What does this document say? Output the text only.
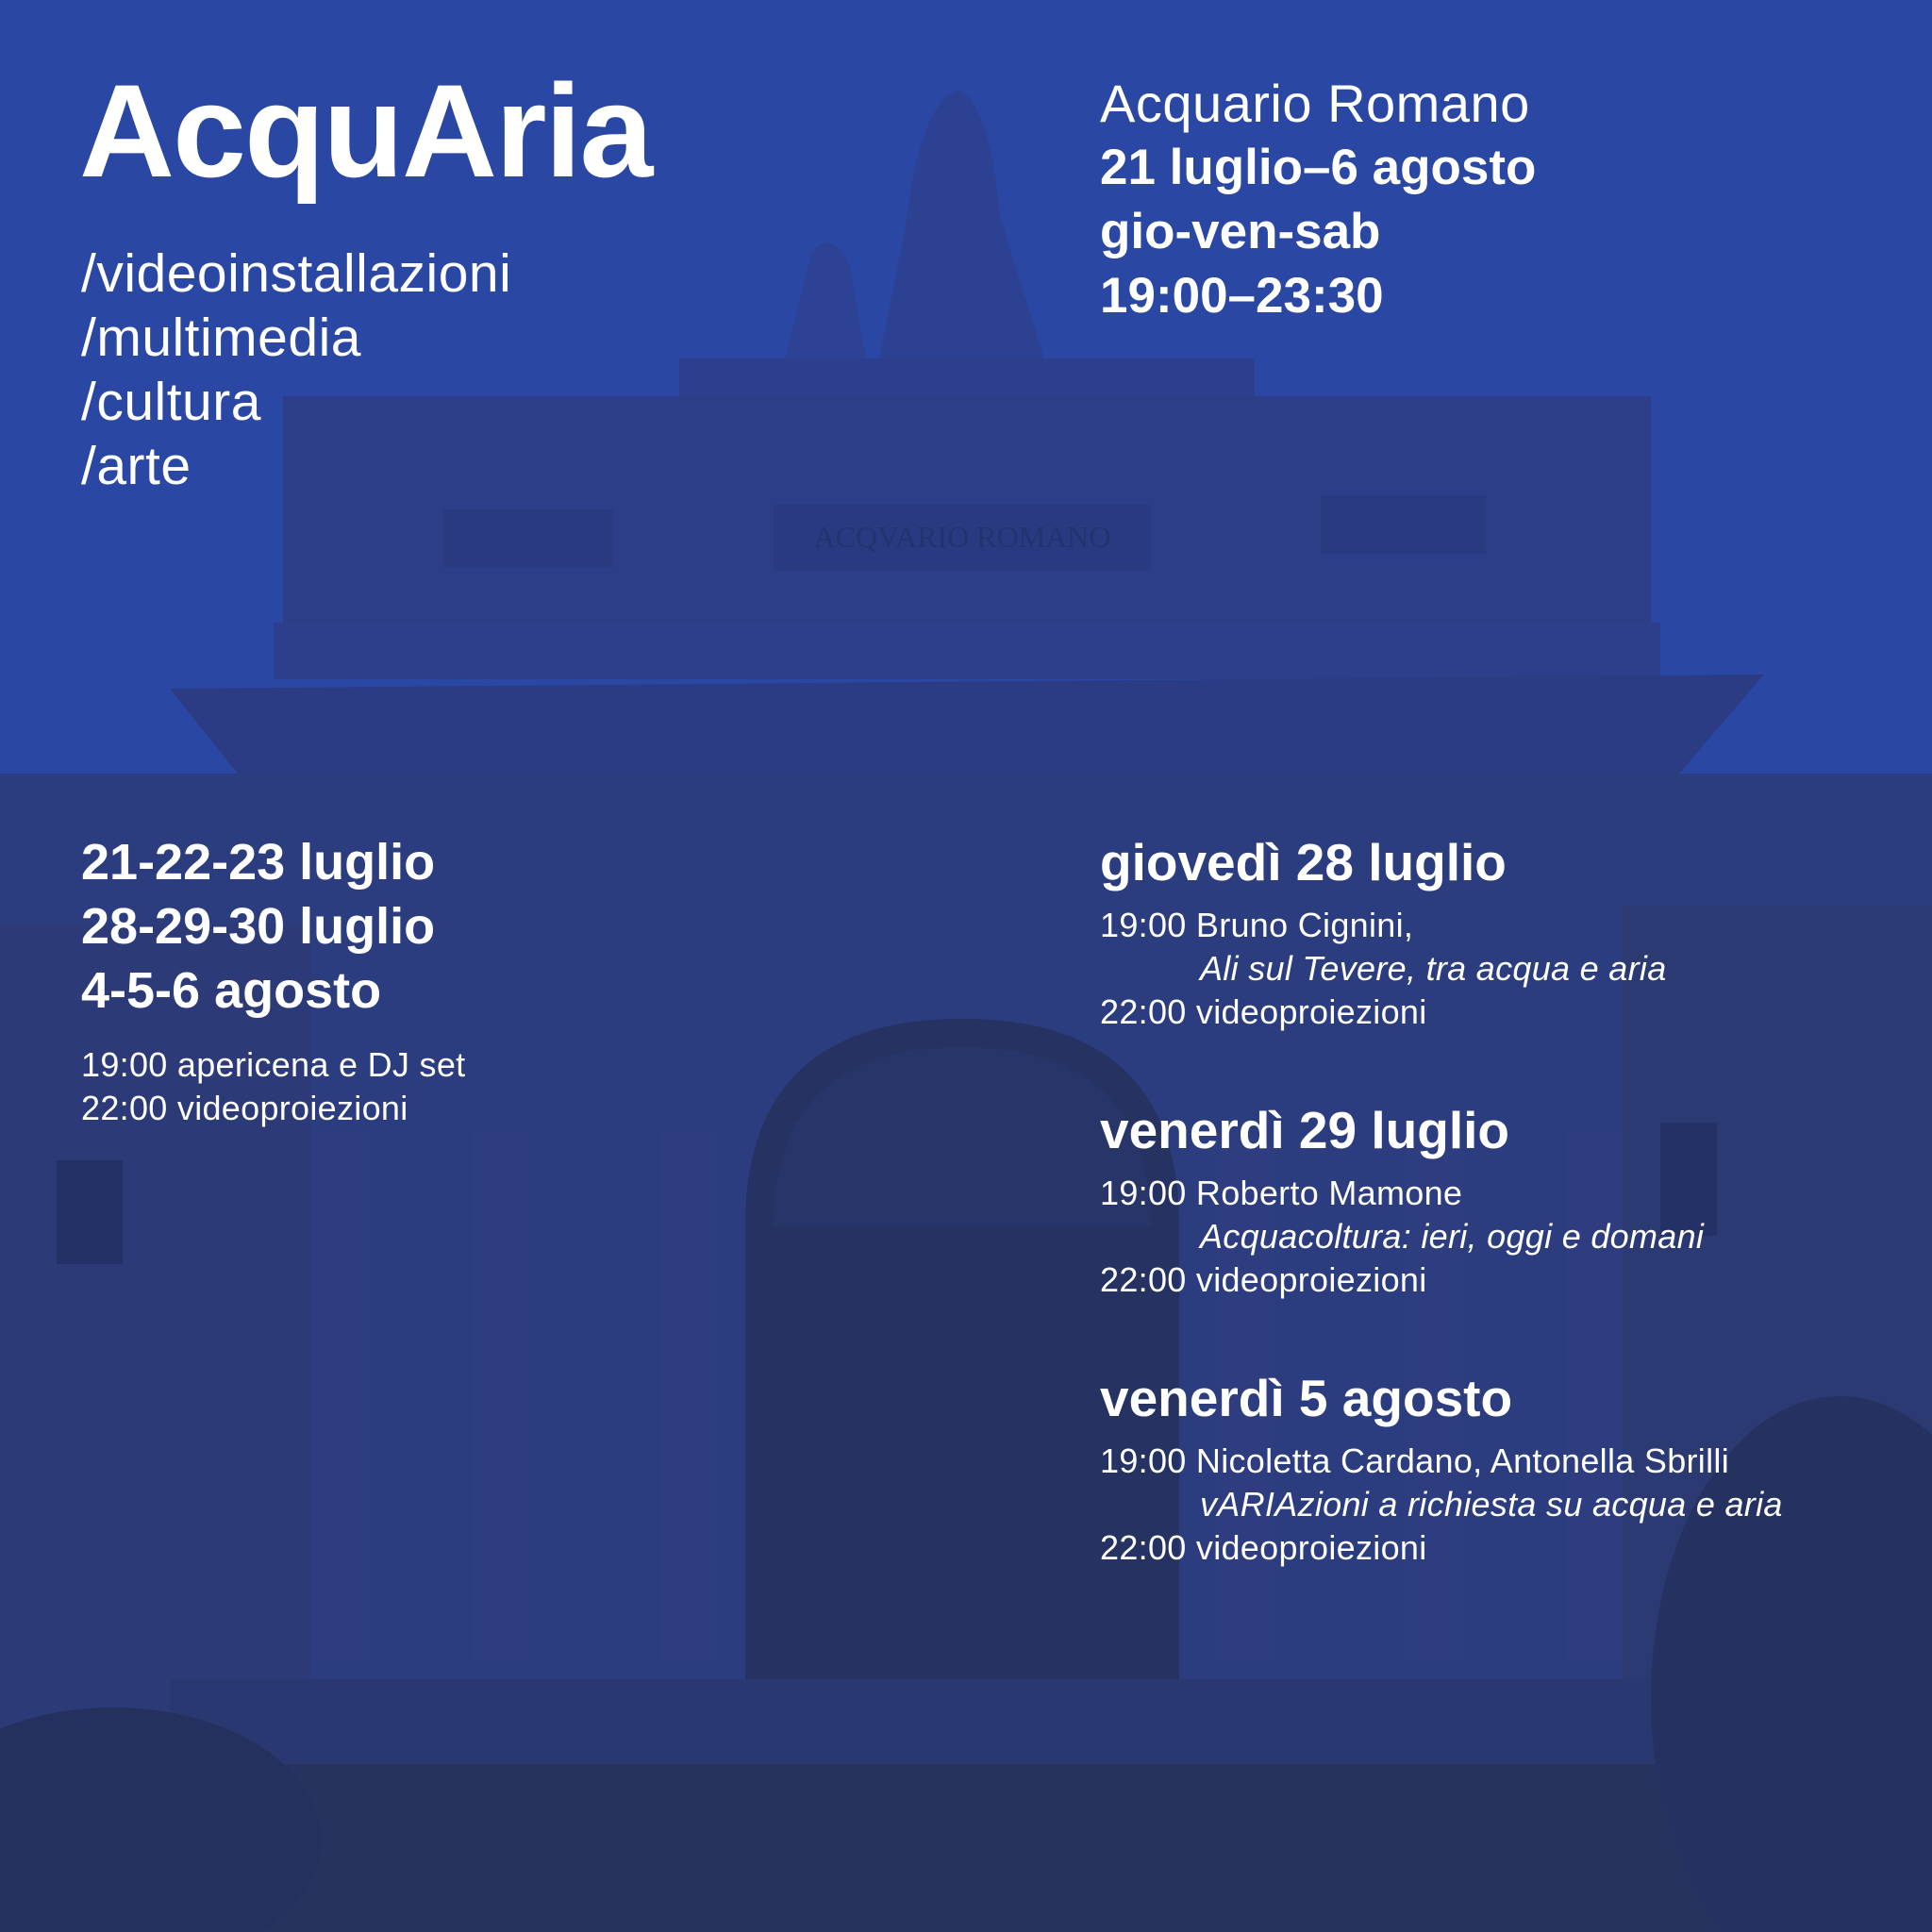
ACQVARIO ROMANO
AcquAria
/videoinstallazioni
/multimedia
/cultura
/arte
Acquario Romano
21 luglio–6 agosto
gio-ven-sab
19:00–23:30
21-22-23 luglio
28-29-30 luglio
4-5-6 agosto
19:00 apericena e DJ set
22:00 videoproiezioni
giovedì 28 luglio
19:00 Bruno Cignini,
Ali sul Tevere, tra acqua e aria
22:00 videoproiezioni
venerdì 29 luglio
19:00 Roberto Mamone
Acquacoltura: ieri, oggi e domani
22:00 videoproiezioni
venerdì 5 agosto
19:00 Nicoletta Cardano, Antonella Sbrilli
vARIAzioni a richiesta su acqua e aria
22:00 videoproiezioni
